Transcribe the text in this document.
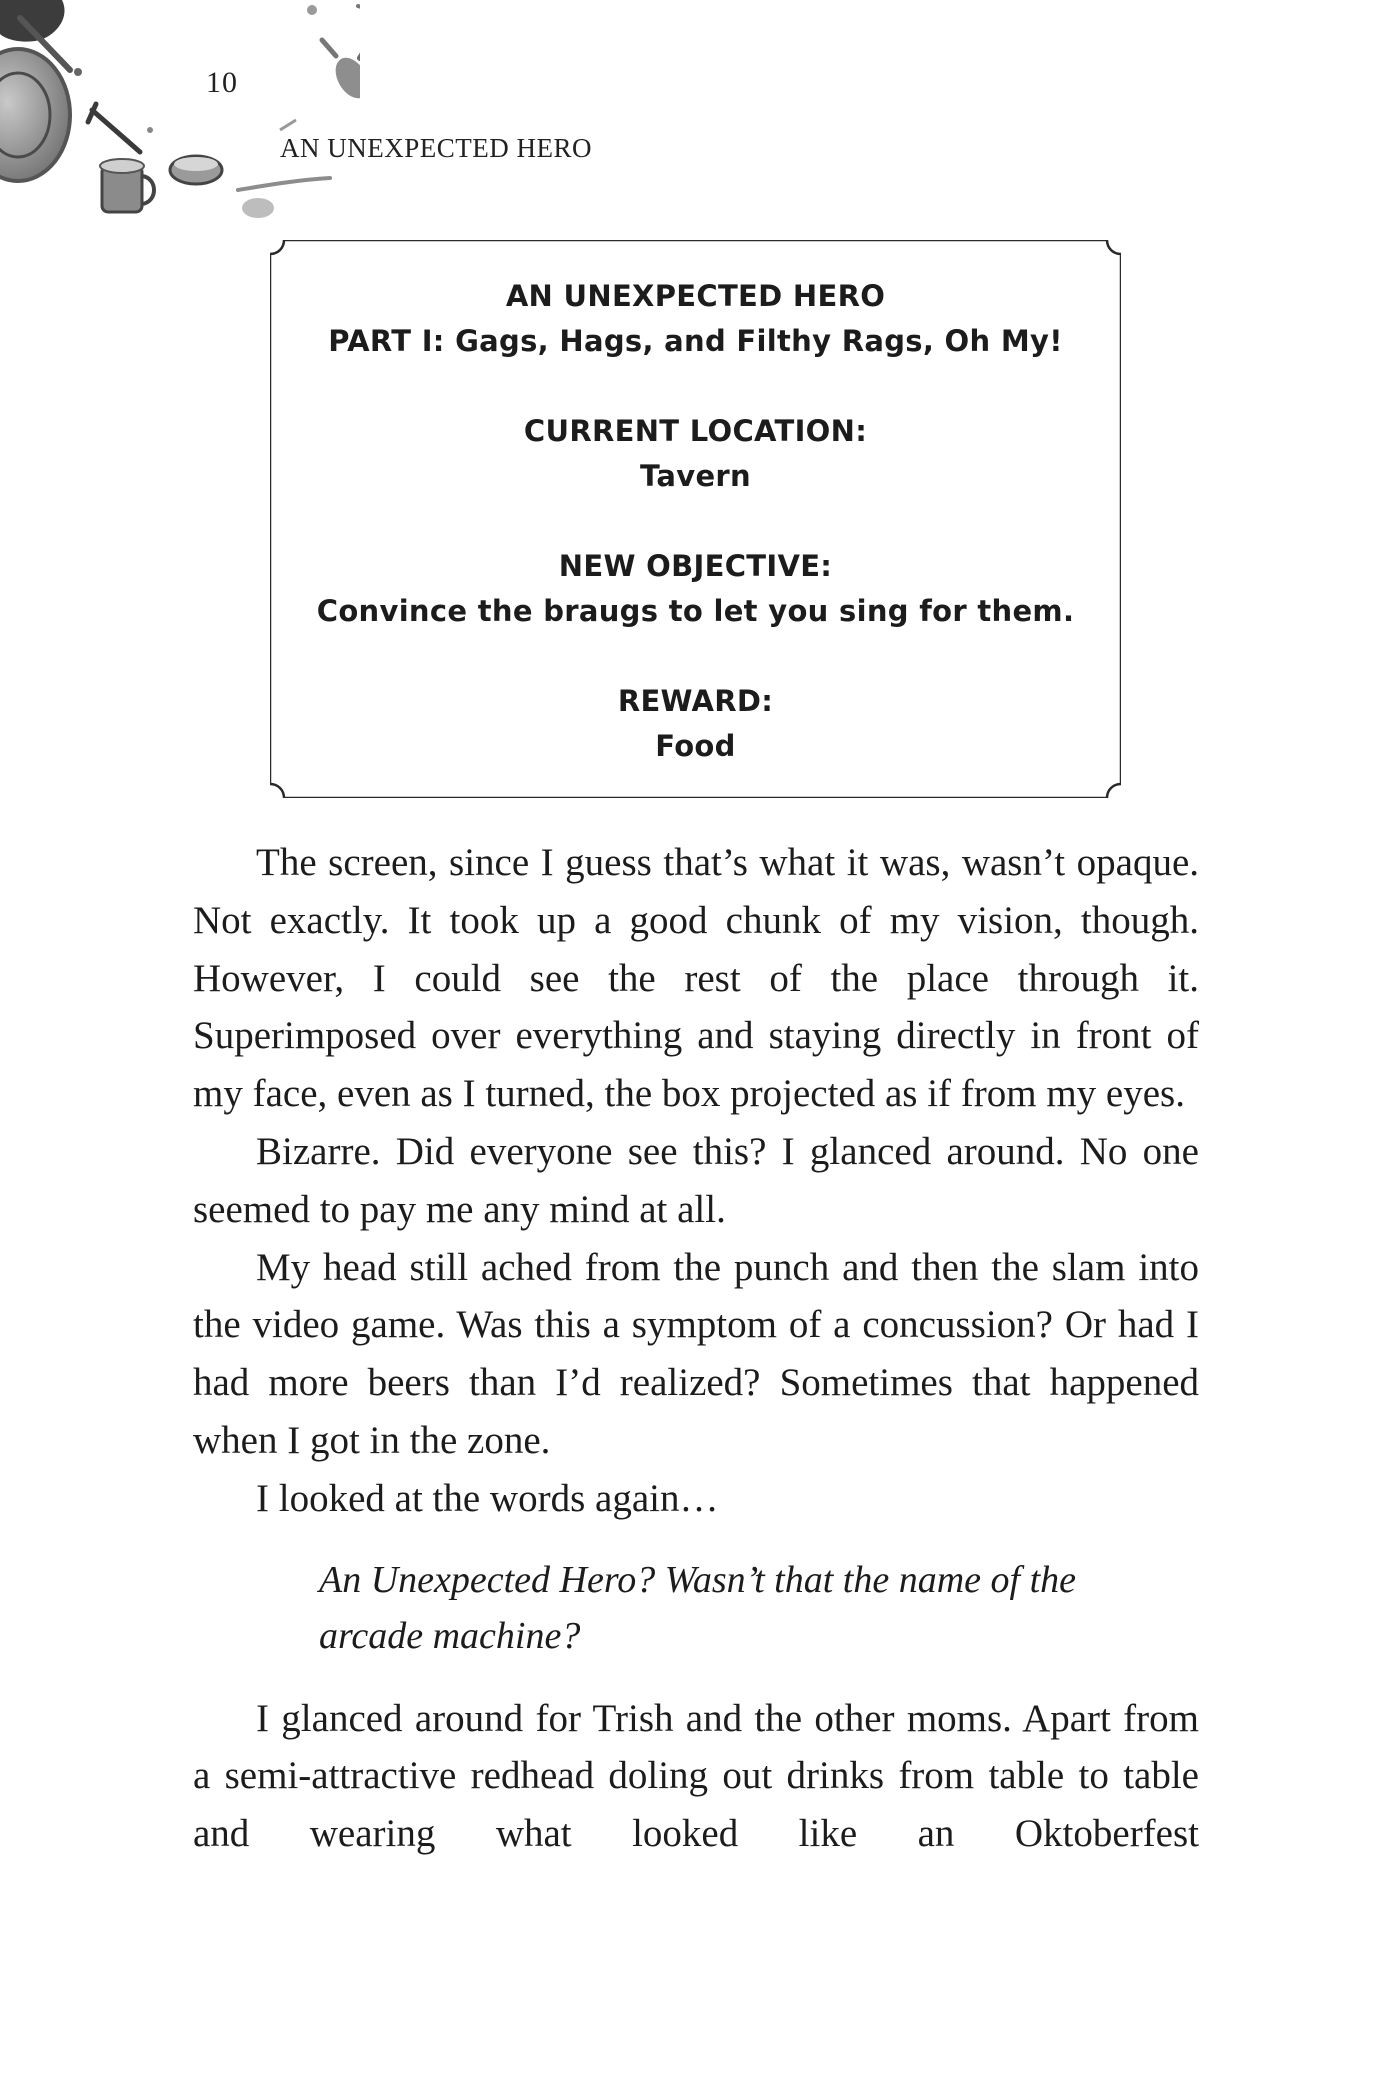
10
AN UNEXPECTED HERO
AN UNEXPECTED HERO
PART I: Gags, Hags, and Filthy Rags, Oh My!
CURRENT LOCATION:
Tavern
NEW OBJECTIVE:
Convince the braugs to let you sing for them.
REWARD:
Food

The screen, since I guess that’s what it was, wasn’t opaque. Not exactly. It took up a good chunk of my vision, though. However, I could see the rest of the place through it. Superimposed over everything and staying directly in front of my face, even as I turned, the box projected as if from my eyes.

Bizarre. Did everyone see this? I glanced around. No one seemed to pay me any mind at all.

My head still ached from the punch and then the slam into the video game. Was this a symptom of a concussion? Or had I had more beers than I’d realized? Sometimes that happened when I got in the zone.

I looked at the words again…

An Unexpected Hero? Wasn’t that the name of the arcade machine?

I glanced around for Trish and the other moms. Apart from a semi-attractive redhead doling out drinks from table to table and wearing what looked like an Oktoberfest
